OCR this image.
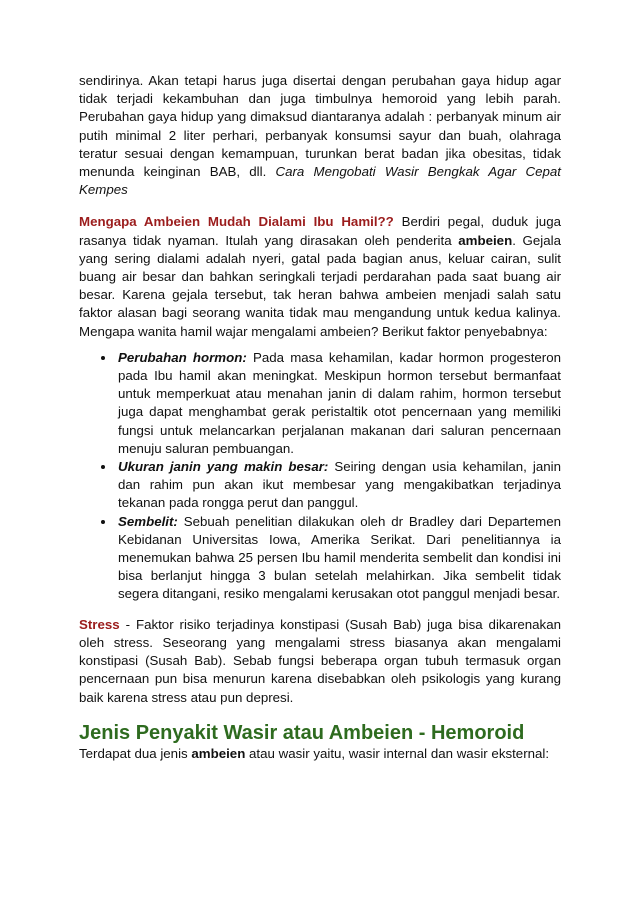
sendirinya. Akan tetapi harus juga disertai dengan perubahan gaya hidup agar tidak terjadi kekambuhan dan juga timbulnya hemoroid yang lebih parah. Perubahan gaya hidup yang dimaksud diantaranya adalah : perbanyak minum air putih minimal 2 liter perhari, perbanyak konsumsi sayur dan buah, olahraga teratur sesuai dengan kemampuan, turunkan berat badan jika obesitas, tidak menunda keinginan BAB, dll. Cara Mengobati Wasir Bengkak Agar Cepat Kempes

Mengapa Ambeien Mudah Dialami Ibu Hamil?? Berdiri pegal, duduk juga rasanya tidak nyaman. Itulah yang dirasakan oleh penderita ambeien. Gejala yang sering dialami adalah nyeri, gatal pada bagian anus, keluar cairan, sulit buang air besar dan bahkan seringkali terjadi perdarahan pada saat buang air besar. Karena gejala tersebut, tak heran bahwa ambeien menjadi salah satu faktor alasan bagi seorang wanita tidak mau mengandung untuk kedua kalinya. Mengapa wanita hamil wajar mengalami ambeien? Berikut faktor penyebabnya:

• Perubahan hormon: Pada masa kehamilan, kadar hormon progesteron pada Ibu hamil akan meningkat. Meskipun hormon tersebut bermanfaat untuk memperkuat atau menahan janin di dalam rahim, hormon tersebut juga dapat menghambat gerak peristaltik otot pencernaan yang memiliki fungsi untuk melancarkan perjalanan makanan dari saluran pencernaan menuju saluran pembuangan.
• Ukuran janin yang makin besar: Seiring dengan usia kehamilan, janin dan rahim pun akan ikut membesar yang mengakibatkan terjadinya tekanan pada rongga perut dan panggul.
• Sembelit: Sebuah penelitian dilakukan oleh dr Bradley dari Departemen Kebidanan Universitas Iowa, Amerika Serikat. Dari penelitiannya ia menemukan bahwa 25 persen Ibu hamil menderita sembelit dan kondisi ini bisa berlanjut hingga 3 bulan setelah melahirkan. Jika sembelit tidak segera ditangani, resiko mengalami kerusakan otot panggul menjadi besar.

Stress - Faktor risiko terjadinya konstipasi (Susah Bab) juga bisa dikarenakan oleh stress. Seseorang yang mengalami stress biasanya akan mengalami konstipasi (Susah Bab). Sebab fungsi beberapa organ tubuh termasuk organ pencernaan pun bisa menurun karena disebabkan oleh psikologis yang kurang baik karena stress atau pun depresi.

Jenis Penyakit Wasir atau Ambeien - Hemoroid

Terdapat dua jenis ambeien atau wasir yaitu, wasir internal dan wasir eksternal:
